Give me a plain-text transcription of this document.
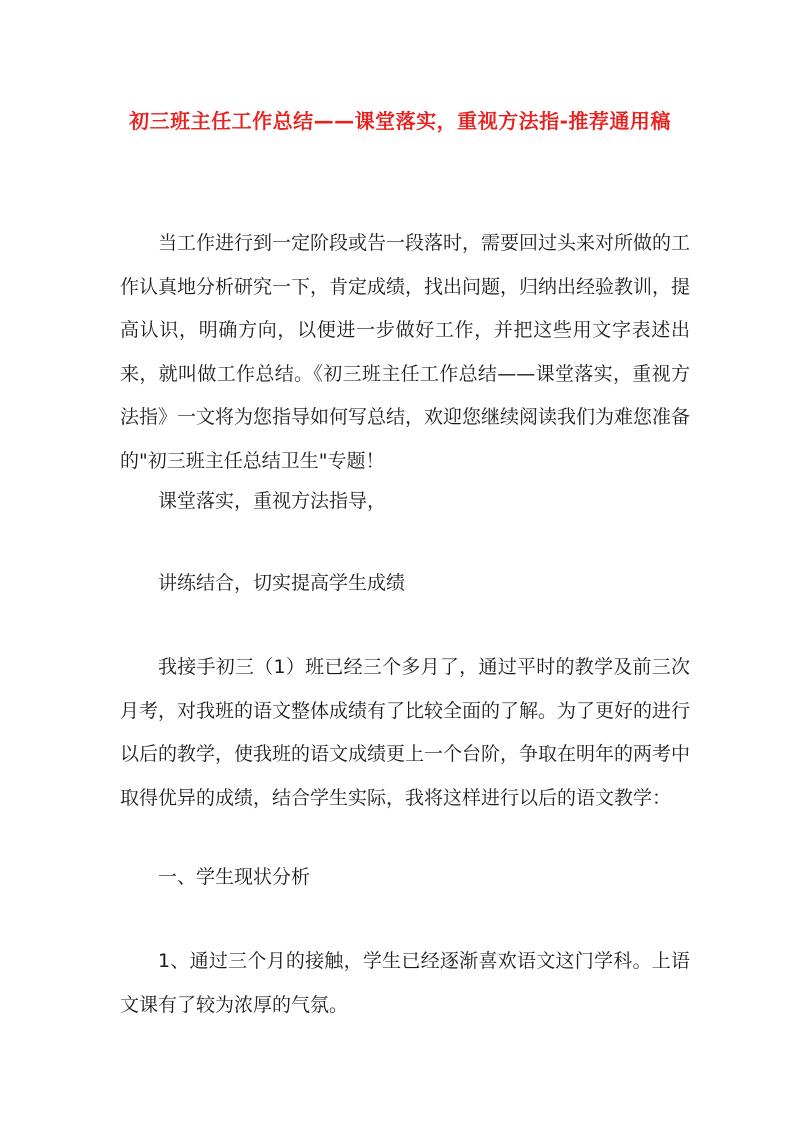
初三班主任工作总结——课堂落实，重视方法指-推荐通用稿

当工作进行到一定阶段或告一段落时，需要回过头来对所做的工作认真地分析研究一下，肯定成绩，找出问题，归纳出经验教训，提高认识，明确方向，以便进一步做好工作，并把这些用文字表述出来，就叫做工作总结。《初三班主任工作总结——课堂落实，重视方法指》一文将为您指导如何写总结，欢迎您继续阅读我们为难您准备的"初三班主任总结卫生"专题！

课堂落实，重视方法指导，

讲练结合，切实提高学生成绩

我接手初三（1）班已经三个多月了，通过平时的教学及前三次月考，对我班的语文整体成绩有了比较全面的了解。为了更好的进行以后的教学，使我班的语文成绩更上一个台阶，争取在明年的两考中取得优异的成绩，结合学生实际，我将这样进行以后的语文教学：

一、学生现状分析

1、通过三个月的接触，学生已经逐渐喜欢语文这门学科。上语文课有了较为浓厚的气氛。
